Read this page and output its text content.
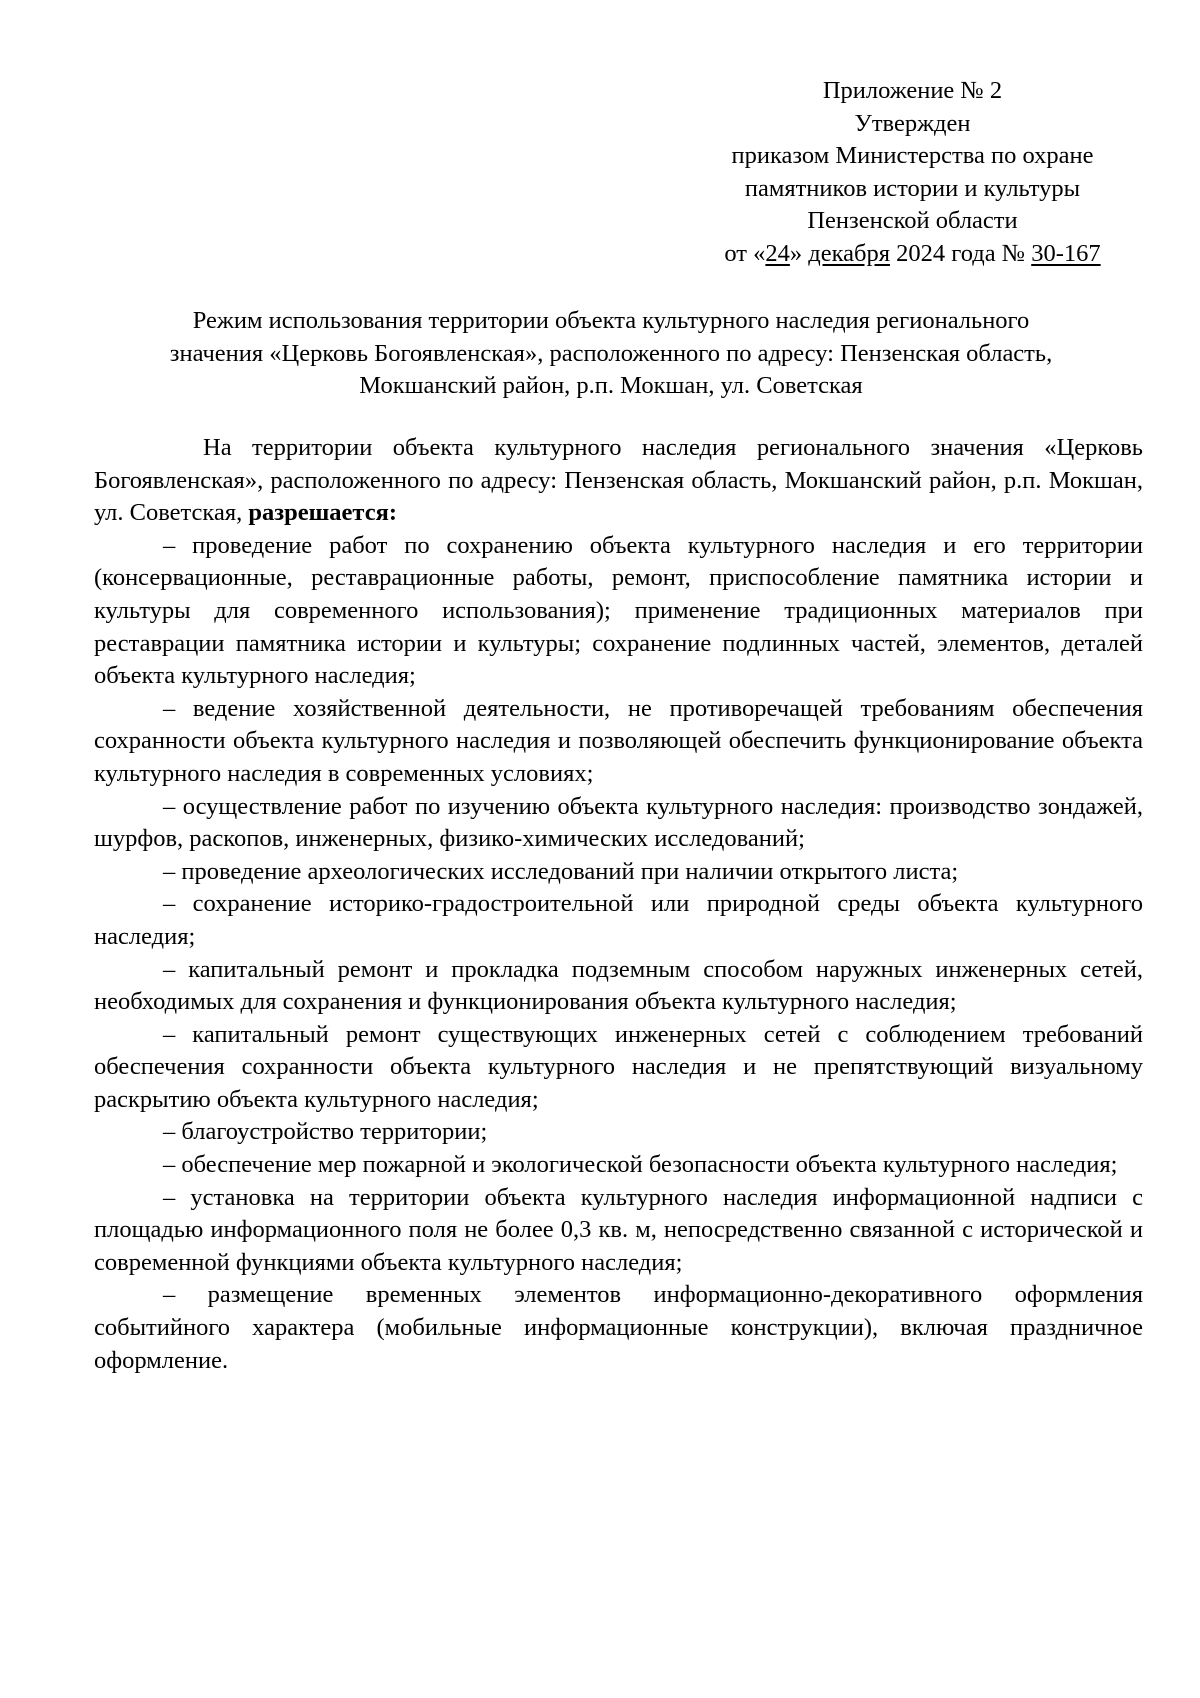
Приложение № 2
Утвержден
приказом Министерства по охране
памятников истории и культуры
Пензенской области
от «24» декабря 2024 года № 30-167
Режим использования территории объекта культурного наследия регионального
значения «Церковь Богоявленская», расположенного по адресу: Пензенская область,
Мокшанский район, р.п. Мокшан, ул. Советская

На территории объекта культурного наследия регионального значения «Церковь Богоявленская», расположенного по адресу: Пензенская область, Мокшанский район, р.п. Мокшан, ул. Советская, разрешается:

– проведение работ по сохранению объекта культурного наследия и его территории (консервационные, реставрационные работы, ремонт, приспособление памятника истории и культуры для современного использования); применение традиционных материалов при реставрации памятника истории и культуры; сохранение подлинных частей, элементов, деталей объекта культурного наследия;

– ведение хозяйственной деятельности, не противоречащей требованиям обеспечения сохранности объекта культурного наследия и позволяющей обеспечить функционирование объекта культурного наследия в современных условиях;

– осуществление работ по изучению объекта культурного наследия: производство зондажей, шурфов, раскопов, инженерных, физико-химических исследований;

– проведение археологических исследований при наличии открытого листа;

– сохранение историко-градостроительной или природной среды объекта культурного наследия;

– капитальный ремонт и прокладка подземным способом наружных инженерных сетей, необходимых для сохранения и функционирования объекта культурного наследия;

– капитальный ремонт существующих инженерных сетей с соблюдением требований обеспечения сохранности объекта культурного наследия и не препятствующий визуальному раскрытию объекта культурного наследия;

– благоустройство территории;

– обеспечение мер пожарной и экологической безопасности объекта культурного наследия;

– установка на территории объекта культурного наследия информационной надписи с площадью информационного поля не более 0,3 кв. м, непосредственно связанной с исторической и современной функциями объекта культурного наследия;

– размещение временных элементов информационно-декоративного оформления событийного характера (мобильные информационные конструкции), включая праздничное оформление.
